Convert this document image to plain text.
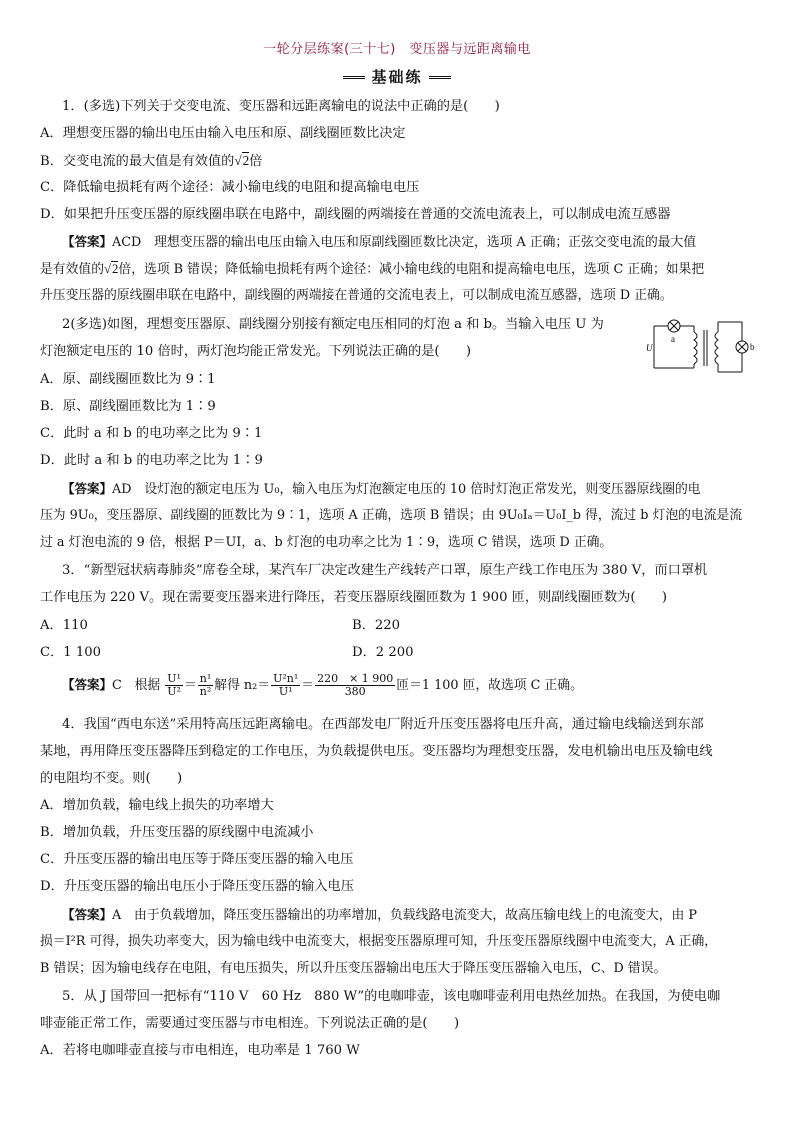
一轮分层练案(三十七)　变压器与远距离输电
基础练
1．(多选)下列关于交变电流、变压器和远距离输电的说法中正确的是(　　)
A．理想变压器的输出电压由输入电压和原、副线圈匝数比决定
B．交变电流的最大值是有效值的√2倍
C．降低输电损耗有两个途径：减小输电线的电阻和提高输电电压
D．如果把升压变压器的原线圈串联在电路中，副线圈的两端接在普通的交流电流表上，可以制成电流互感器
【答案】ACD　理想变压器的输出电压由输入电压和原副线圈匝数比决定，选项 A 正确；正弦交变电流的最大值
是有效值的√2倍，选项 B 错误；降低输电损耗有两个途径：减小输电线的电阻和提高输电电压，选项 C 正确；如果把
升压变压器的原线圈串联在电路中，副线圈的两端接在普通的交流电表上，可以制成电流互感器，选项 D 正确。
2(多选)如图，理想变压器原、副线圈分别接有额定电压相同的灯泡 a 和 b。当输入电压 U 为
灯泡额定电压的 10 倍时，两灯泡均能正常发光。下列说法正确的是(　　)
a
b
U
A．原、副线圈匝数比为 9∶1
B．原、副线圈匝数比为 1∶9
C．此时 a 和 b 的电功率之比为 9∶1
D．此时 a 和 b 的电功率之比为 1∶9
【答案】AD　设灯泡的额定电压为 U₀，输入电压为灯泡额定电压的 10 倍时灯泡正常发光，则变压器原线圈的电
压为 9U₀，变压器原、副线圈的匝数比为 9∶1，选项 A 正确，选项 B 错误；由 9U₀Iₐ＝U₀I_b 得，流过 b 灯泡的电流是流
过 a 灯泡电流的 9 倍，根据 P＝UI，a、b 灯泡的电功率之比为 1∶9，选项 C 错误，选项 D 正确。
3．“新型冠状病毒肺炎”席卷全球，某汽车厂决定改建生产线转产口罩，原生产线工作电压为 380 V，而口罩机
工作电压为 220 V。现在需要变压器来进行降压，若变压器原线圈匝数为 1 900 匝，则副线圈匝数为(　　)
A．110	B．220
C．1 100	D．2 200
【答案】C　根据 $\frac{\text{U¹}}{\text{U²}} = \frac{\text{n¹}}{\text{n²}}$ 解得 $n_2= \frac{\text{U²n¹}}{\text{U¹}} = \frac{220 \times 1 900}{380}$ 匝＝1 100 匝，故选项 C 正确。
4．我国“西电东送”采用特高压远距离输电。在西部发电厂附近升压变压器将电压升高，通过输电线输送到东部
某地，再用降压变压器降压到稳定的工作电压，为负载提供电压。变压器均为理想变压器，发电机输出电压及输电线
的电阻均不变。则(　　)
A．增加负载，输电线上损失的功率增大
B．增加负载，升压变压器的原线圈中电流减小
C．升压变压器的输出电压等于降压变压器的输入电压
D．升压变压器的输出电压小于降压变压器的输入电压
【答案】A　由于负载增加，降压变压器输出的功率增加，负载线路电流变大，故高压输电线上的电流变大，由 P
损＝I²R 可得，损失功率变大，因为输电线中电流变大，根据变压器原理可知，升压变压器原线圈中电流变大，A 正确，
B 错误；因为输电线存在电阻，有电压损失，所以升压变压器输出电压大于降压变压器输入电压，C、D 错误。
5．从 J 国带回一把标有“110 V　60 Hz　880 W”的电咖啡壶，该电咖啡壶利用电热丝加热。在我国，为使电咖
啡壶能正常工作，需要通过变压器与市电相连。下列说法正确的是(　　)
A．若将电咖啡壶直接与市电相连，电功率是 1 760 W
